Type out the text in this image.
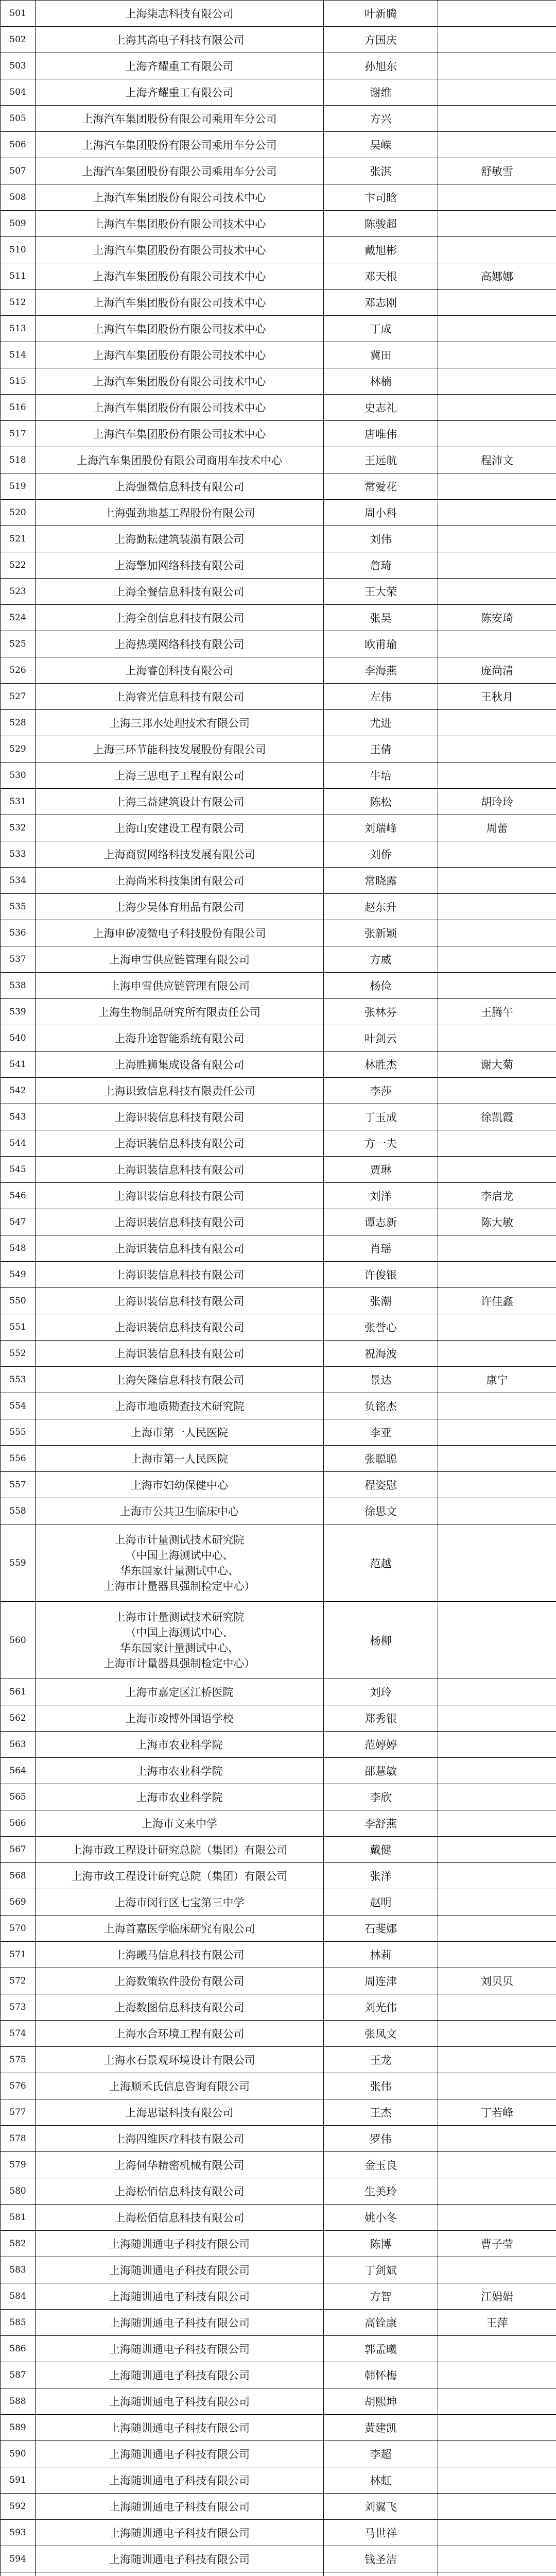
501	上海柒志科技有限公司	叶新腾	
502	上海其高电子科技有限公司	方国庆	
503	上海齐耀重工有限公司	孙旭东	
504	上海齐耀重工有限公司	谢维	
505	上海汽车集团股份有限公司乘用车分公司	方兴	
506	上海汽车集团股份有限公司乘用车分公司	吴嵘	
507	上海汽车集团股份有限公司乘用车分公司	张淇	舒敏雪
508	上海汽车集团股份有限公司技术中心	卞司晗	
509	上海汽车集团股份有限公司技术中心	陈骏超	
510	上海汽车集团股份有限公司技术中心	戴旭彬	
511	上海汽车集团股份有限公司技术中心	邓天根	高娜娜
512	上海汽车集团股份有限公司技术中心	邓志刚	
513	上海汽车集团股份有限公司技术中心	丁成	
514	上海汽车集团股份有限公司技术中心	冀田	
515	上海汽车集团股份有限公司技术中心	林楠	
516	上海汽车集团股份有限公司技术中心	史志礼	
517	上海汽车集团股份有限公司技术中心	唐唯伟	
518	上海汽车集团股份有限公司商用车技术中心	王远航	程沛文
519	上海强微信息科技有限公司	常爱花	
520	上海强劲地基工程股份有限公司	周小科	
521	上海勤耘建筑装潢有限公司	刘伟	
522	上海擎加网络科技有限公司	詹琦	
523	上海全餐信息科技有限公司	王大荣	
524	上海全创信息科技有限公司	张昊	陈安琦
525	上海热璞网络科技有限公司	欧甫瑜	
526	上海睿创科技有限公司	李海燕	庞尚清
527	上海睿光信息科技有限公司	左伟	王秋月
528	上海三邦水处理技术有限公司	尤进	
529	上海三环节能科技发展股份有限公司	王倩	
530	上海三思电子工程有限公司	牛培	
531	上海三益建筑设计有限公司	陈松	胡玲玲
532	上海山安建设工程有限公司	刘瑞峰	周蕾
533	上海商贸网络科技发展有限公司	刘侨	
534	上海尚米科技集团有限公司	常晓露	
535	上海少昊体育用品有限公司	赵东升	
536	上海申矽凌微电子科技股份有限公司	张新颖	
537	上海申雪供应链管理有限公司	方威	
538	上海申雪供应链管理有限公司	杨俭	
539	上海生物制品研究所有限责任公司	张林芬	王腾午
540	上海升途智能系统有限公司	叶剑云	
541	上海胜狮集成设备有限公司	林胜杰	谢大菊
542	上海识致信息科技有限责任公司	李莎	
543	上海识装信息科技有限公司	丁玉成	徐凯霞
544	上海识装信息科技有限公司	方一夫	
545	上海识装信息科技有限公司	贾琳	
546	上海识装信息科技有限公司	刘洋	李启龙
547	上海识装信息科技有限公司	谭志新	陈大敏
548	上海识装信息科技有限公司	肖瑶	
549	上海识装信息科技有限公司	许俊银	
550	上海识装信息科技有限公司	张潮	许佳鑫
551	上海识装信息科技有限公司	张誉心	
552	上海识装信息科技有限公司	祝海波	
553	上海矢隆信息科技有限公司	景达	康宁
554	上海市地质勘查技术研究院	负铭杰	
555	上海市第一人民医院	李亚	
556	上海市第一人民医院	张聪聪	
557	上海市妇幼保健中心	程姿慰	
558	上海市公共卫生临床中心	徐思文	
559	上海市计量测试技术研究院
（中国上海测试中心、
华东国家计量测试中心、
上海市计量器具强制检定中心）	范越	
560	上海市计量测试技术研究院
（中国上海测试中心、
华东国家计量测试中心、
上海市计量器具强制检定中心）	杨柳	
561	上海市嘉定区江桥医院	刘玲	
562	上海市竣博外国语学校	郑秀银	
563	上海市农业科学院	范婷婷	
564	上海市农业科学院	邵慧敏	
565	上海市农业科学院	李欣	
566	上海市文来中学	李舒燕	
567	上海市政工程设计研究总院（集团）有限公司	戴健	
568	上海市政工程设计研究总院（集团）有限公司	张洋	
569	上海市闵行区七宝第三中学	赵明	
570	上海首嘉医学临床研究有限公司	石斐娜	
571	上海曦马信息科技有限公司	林莉	
572	上海数策软件股份有限公司	周连津	刘贝贝
573	上海数图信息科技有限公司	刘光伟	
574	上海水合环境工程有限公司	张凤文	
575	上海水石景观环境设计有限公司	王龙	
576	上海顺禾氏信息咨询有限公司	张伟	
577	上海思谌科技有限公司	王杰	丁若峰
578	上海四维医疗科技有限公司	罗伟	
579	上海伺华精密机械有限公司	金玉良	
580	上海松佰信息科技有限公司	生美玲	
581	上海松佰信息科技有限公司	姚小冬	
582	上海随训通电子科技有限公司	陈博	曹子莹
583	上海随训通电子科技有限公司	丁剑斌	
584	上海随训通电子科技有限公司	方智	江娟娟
585	上海随训通电子科技有限公司	高铨康	王萍
586	上海随训通电子科技有限公司	郭孟曦	
587	上海随训通电子科技有限公司	韩怀梅	
588	上海随训通电子科技有限公司	胡熙坤	
589	上海随训通电子科技有限公司	黄建凯	
590	上海随训通电子科技有限公司	李超	
591	上海随训通电子科技有限公司	林虹	
592	上海随训通电子科技有限公司	刘翼飞	
593	上海随训通电子科技有限公司	马世祥	
594	上海随训通电子科技有限公司	钱圣洁	
